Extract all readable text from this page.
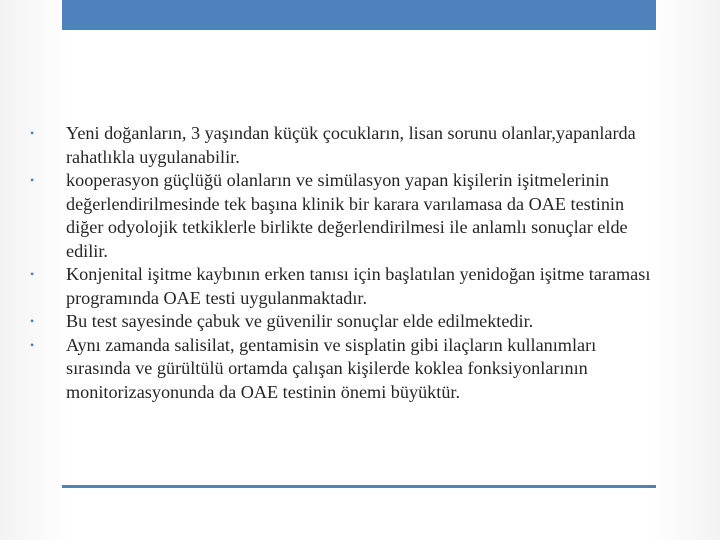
•	Yeni doğanların, 3 yaşından küçük çocukların, lisan sorunu olanlar,yapanlarda rahatlıkla uygulanabilir.
•	kooperasyon güçlüğü olanların ve simülasyon yapan kişilerin işitmelerinin değerlendirilmesinde tek başına klinik bir karara varılamasa da OAE testinin diğer odyolojik tetkiklerle birlikte değerlendirilmesi ile anlamlı sonuçlar elde edilir.
•	Konjenital işitme kaybının erken tanısı için başlatılan yenidoğan işitme taraması programında OAE testi uygulanmaktadır.
•	Bu test sayesinde çabuk ve güvenilir sonuçlar elde edilmektedir.
•	Aynı zamanda salisilat, gentamisin ve sisplatin gibi ilaçların kullanımları sırasında ve gürültülü ortamda çalışan kişilerde koklea fonksiyonlarının monitorizasyonunda da OAE testinin önemi büyüktür.
